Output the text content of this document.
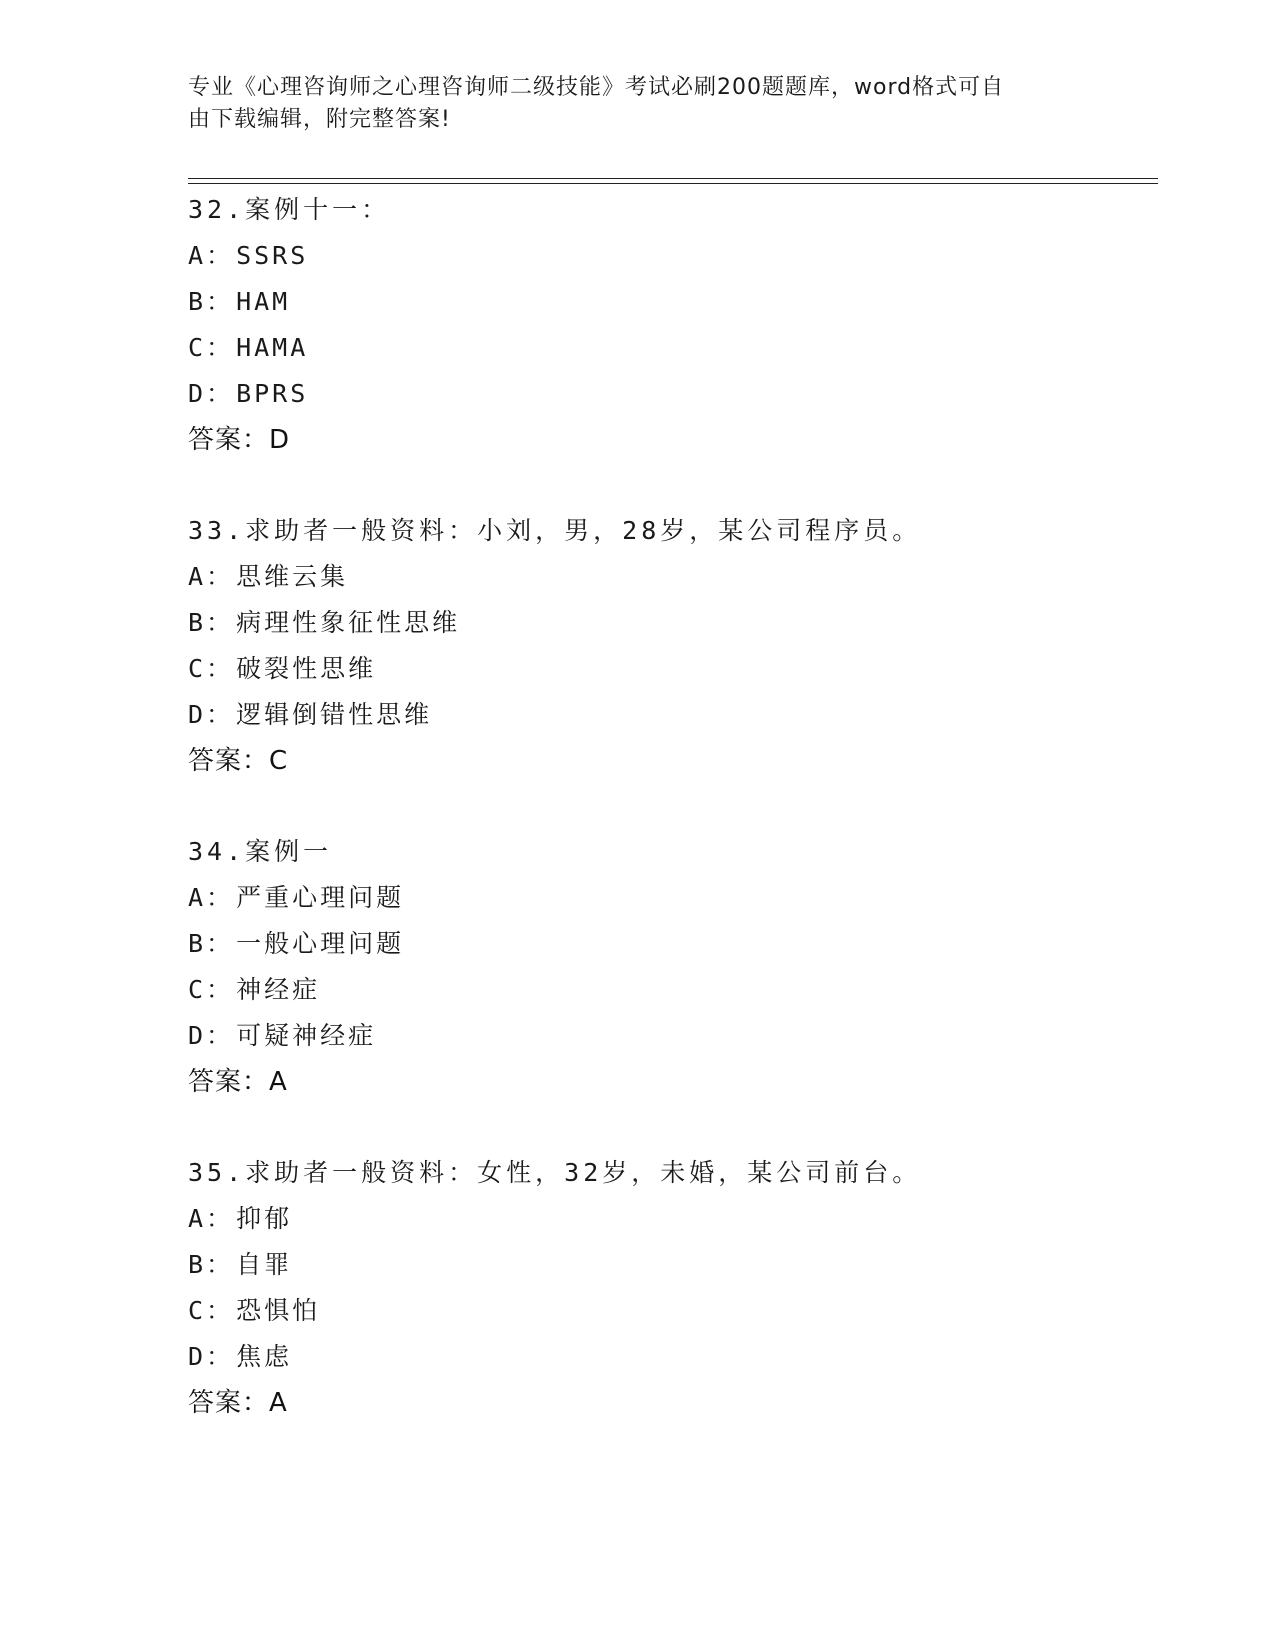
专业《心理咨询师之心理咨询师二级技能》考试必刷200题题库，word格式可自
由下载编辑，附完整答案!
32.案例十一：
A：SSRS
B：HAM
C：HAMA
D：BPRS
答案：D
33.求助者一般资料：小刘，男，28岁，某公司程序员。
A：思维云集
B：病理性象征性思维
C：破裂性思维
D：逻辑倒错性思维
答案：C
34.案例一
A：严重心理问题
B：一般心理问题
C：神经症
D：可疑神经症
答案：A
35.求助者一般资料：女性，32岁，未婚，某公司前台。
A：抑郁
B：自罪
C：恐惧怕
D：焦虑
答案：A
